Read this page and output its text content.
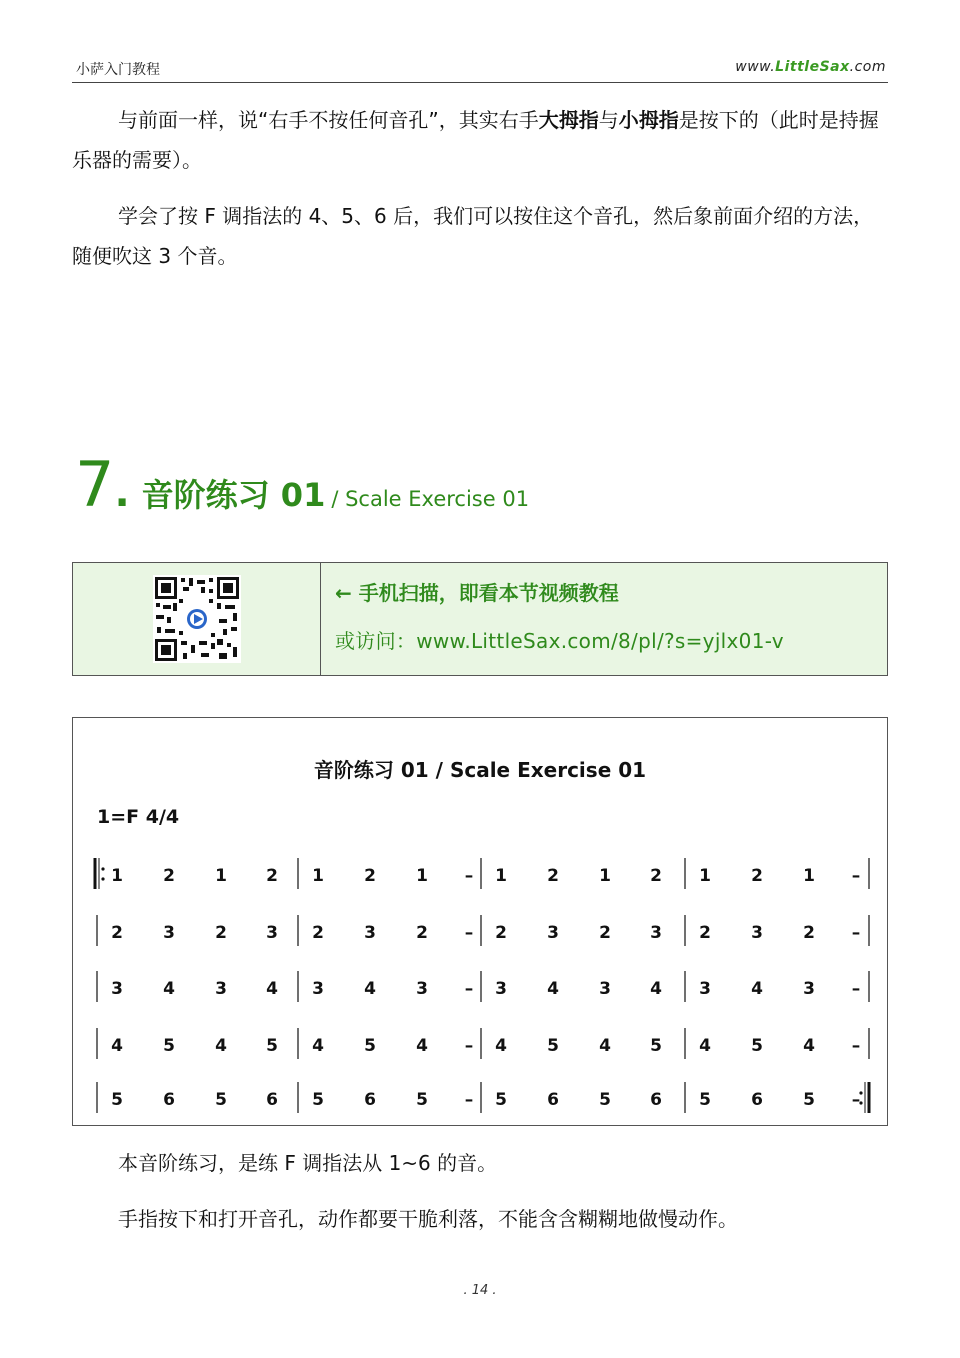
小萨入门教程	www.LittleSax.com
与前面一样，说“右手不按任何音孔”，其实右手大拇指与小拇指是按下的（此时是持握乐器的需要）。
学会了按 F 调指法的 4、5、6 后，我们可以按住这个音孔，然后象前面介绍的方法，随便吹这 3 个音。
7. 音阶练习 01 / Scale Exercise 01
← 手机扫描，即看本节视频教程
或访问：www.LittleSax.com/8/pl/?s=yjlx01-v
音阶练习 01 / Scale Exercise 01
1=F 4/4
1 2 1 2 1 2 1 – 1 2 1 2 1 2 1 –
2 3 2 3 2 3 2 – 2 3 2 3 2 3 2 –
3 4 3 4 3 4 3 – 3 4 3 4 3 4 3 –
4 5 4 5 4 5 4 – 4 5 4 5 4 5 4 –
5 6 5 6 5 6 5 – 5 6 5 6 5 6 5 –
本音阶练习，是练 F 调指法从 1~6 的音。
手指按下和打开音孔，动作都要干脆利落，不能含含糊糊地做慢动作。
. 14 .
